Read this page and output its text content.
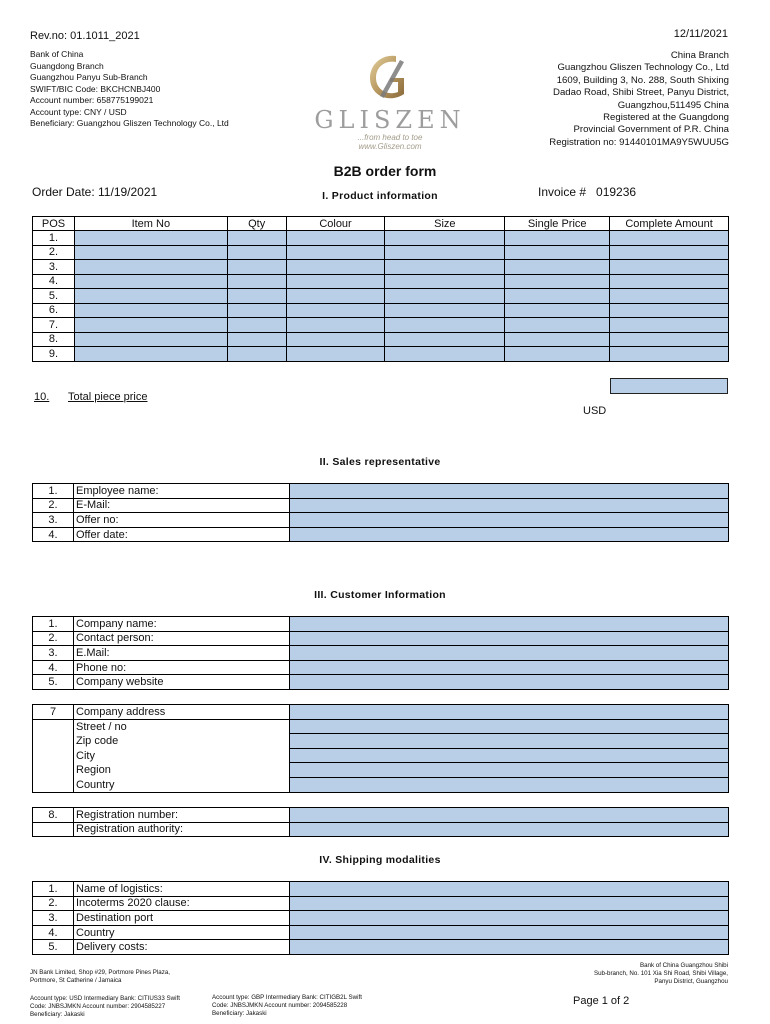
Rev.no: 01.1011_2021	12/11/2021
Bank of China
Guangdong Branch
Guangzhou Panyu Sub-Branch
SWIFT/BIC Code: BKCHCNBJ400
Account number: 658775199021
Account type: CNY / USD
Beneficiary: Guangzhou Gliszen Technology Co., Ltd	GLISZEN
...from head to toe
www.Gliszen.com
China Branch
Guangzhou Gliszen Technology Co., Ltd
1609, Building 3, No. 288, South Shixing
Dadao Road, Shibi Street, Panyu District,
Guangzhou,511495 China
Registered at the Guangdong
Provincial Government of P.R. China
Registration no: 91440101MA9Y5WUU5G
B2B order form
Order Date: 11/19/2021	I. Product information	Invoice # 019236
POS	Item No	Qty	Colour	Size	Single Price	Complete Amount
1.						
2.						
3.						
4.						
5.						
6.						
7.						
8.						
9.						
10. Total piece price
USD
II. Sales representative
1.	Employee name:	
2.	E-Mail:	
3.	Offer no:	
4.	Offer date:	
III. Customer Information
1.	Company name:	
2.	Contact person:	
3.	E.Mail:	
4.	Phone no:	
5.	Company website	
7	Company address	
	Street / no	
	Zip code	
	City	
	Region	
	Country	
8.	Registration number:	
	Registration authority:	
IV. Shipping modalities
1.	Name of logistics:	
2.	Incoterms 2020 clause:	
3.	Destination port	
4.	Country	
5.	Delivery costs:	
JN Bank Limited, Shop #29, Portmore Pines Plaza,
Portmore, St Catherine / Jamaica
Account type: USD Intermediary Bank: CITIUS33 Swift
Code: JNBSJMKN Account number: 2904585227
Beneficiary: Jakaski
Account type: GBP Intermediary Bank: CITIGB2L Swift
Code: JNBSJMKN Account number: 2094585228
Beneficiary: Jakaski
Bank of China Guangzhou Shibi
Sub-branch, No. 101 Xia Shi Road, Shibi Village,
Panyu District, Guangzhou
Page 1 of 2
